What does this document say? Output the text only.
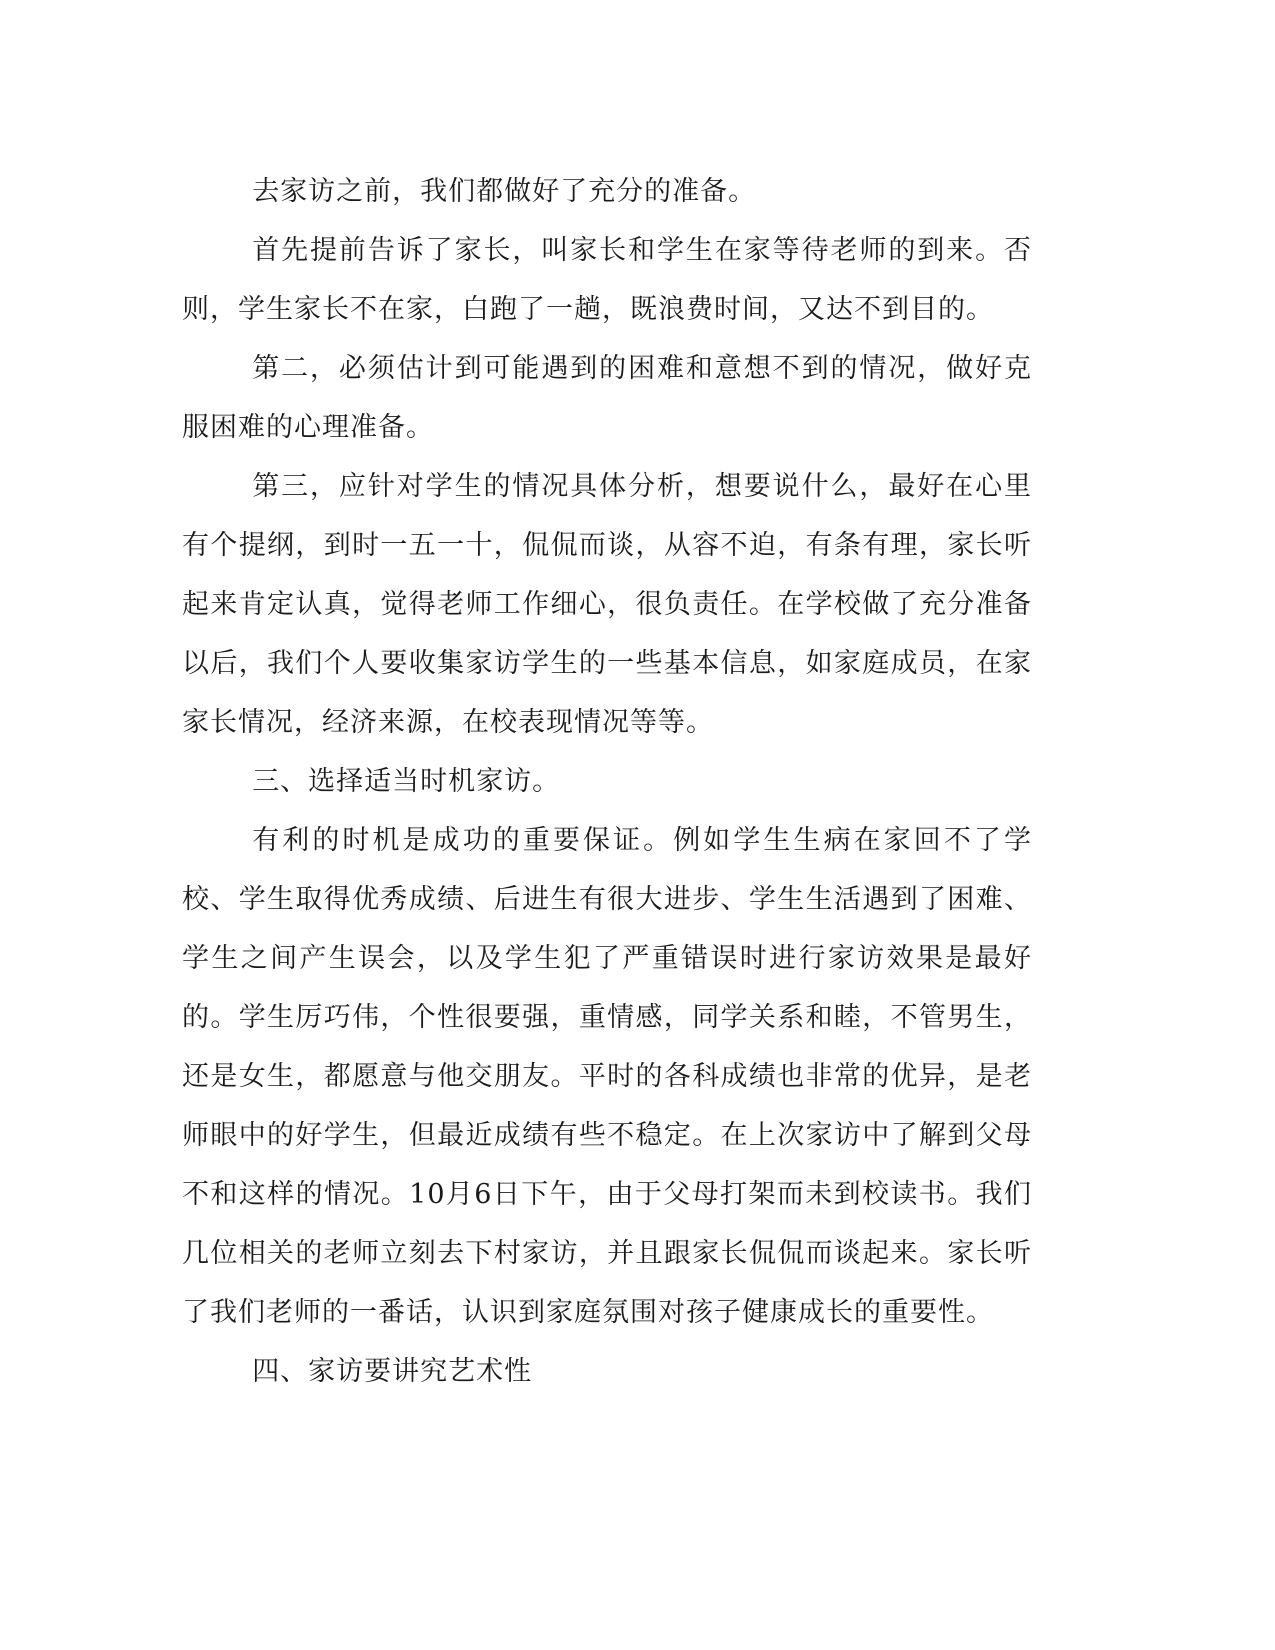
去家访之前，我们都做好了充分的准备。

首先提前告诉了家长，叫家长和学生在家等待老师的到来。否则，学生家长不在家，白跑了一趟，既浪费时间，又达不到目的。

第二，必须估计到可能遇到的困难和意想不到的情况，做好克服困难的心理准备。

第三，应针对学生的情况具体分析，想要说什么，最好在心里有个提纲，到时一五一十，侃侃而谈，从容不迫，有条有理，家长听起来肯定认真，觉得老师工作细心，很负责任。在学校做了充分准备以后，我们个人要收集家访学生的一些基本信息，如家庭成员，在家家长情况，经济来源，在校表现情况等等。

三、选择适当时机家访。

有利的时机是成功的重要保证。例如学生生病在家回不了学校、学生取得优秀成绩、后进生有很大进步、学生生活遇到了困难、学生之间产生误会，以及学生犯了严重错误时进行家访效果是最好的。学生厉巧伟，个性很要强，重情感，同学关系和睦，不管男生，还是女生，都愿意与他交朋友。平时的各科成绩也非常的优异，是老师眼中的好学生，但最近成绩有些不稳定。在上次家访中了解到父母不和这样的情况。10月6日下午，由于父母打架而未到校读书。我们几位相关的老师立刻去下村家访，并且跟家长侃侃而谈起来。家长听了我们老师的一番话，认识到家庭氛围对孩子健康成长的重要性。

四、家访要讲究艺术性
